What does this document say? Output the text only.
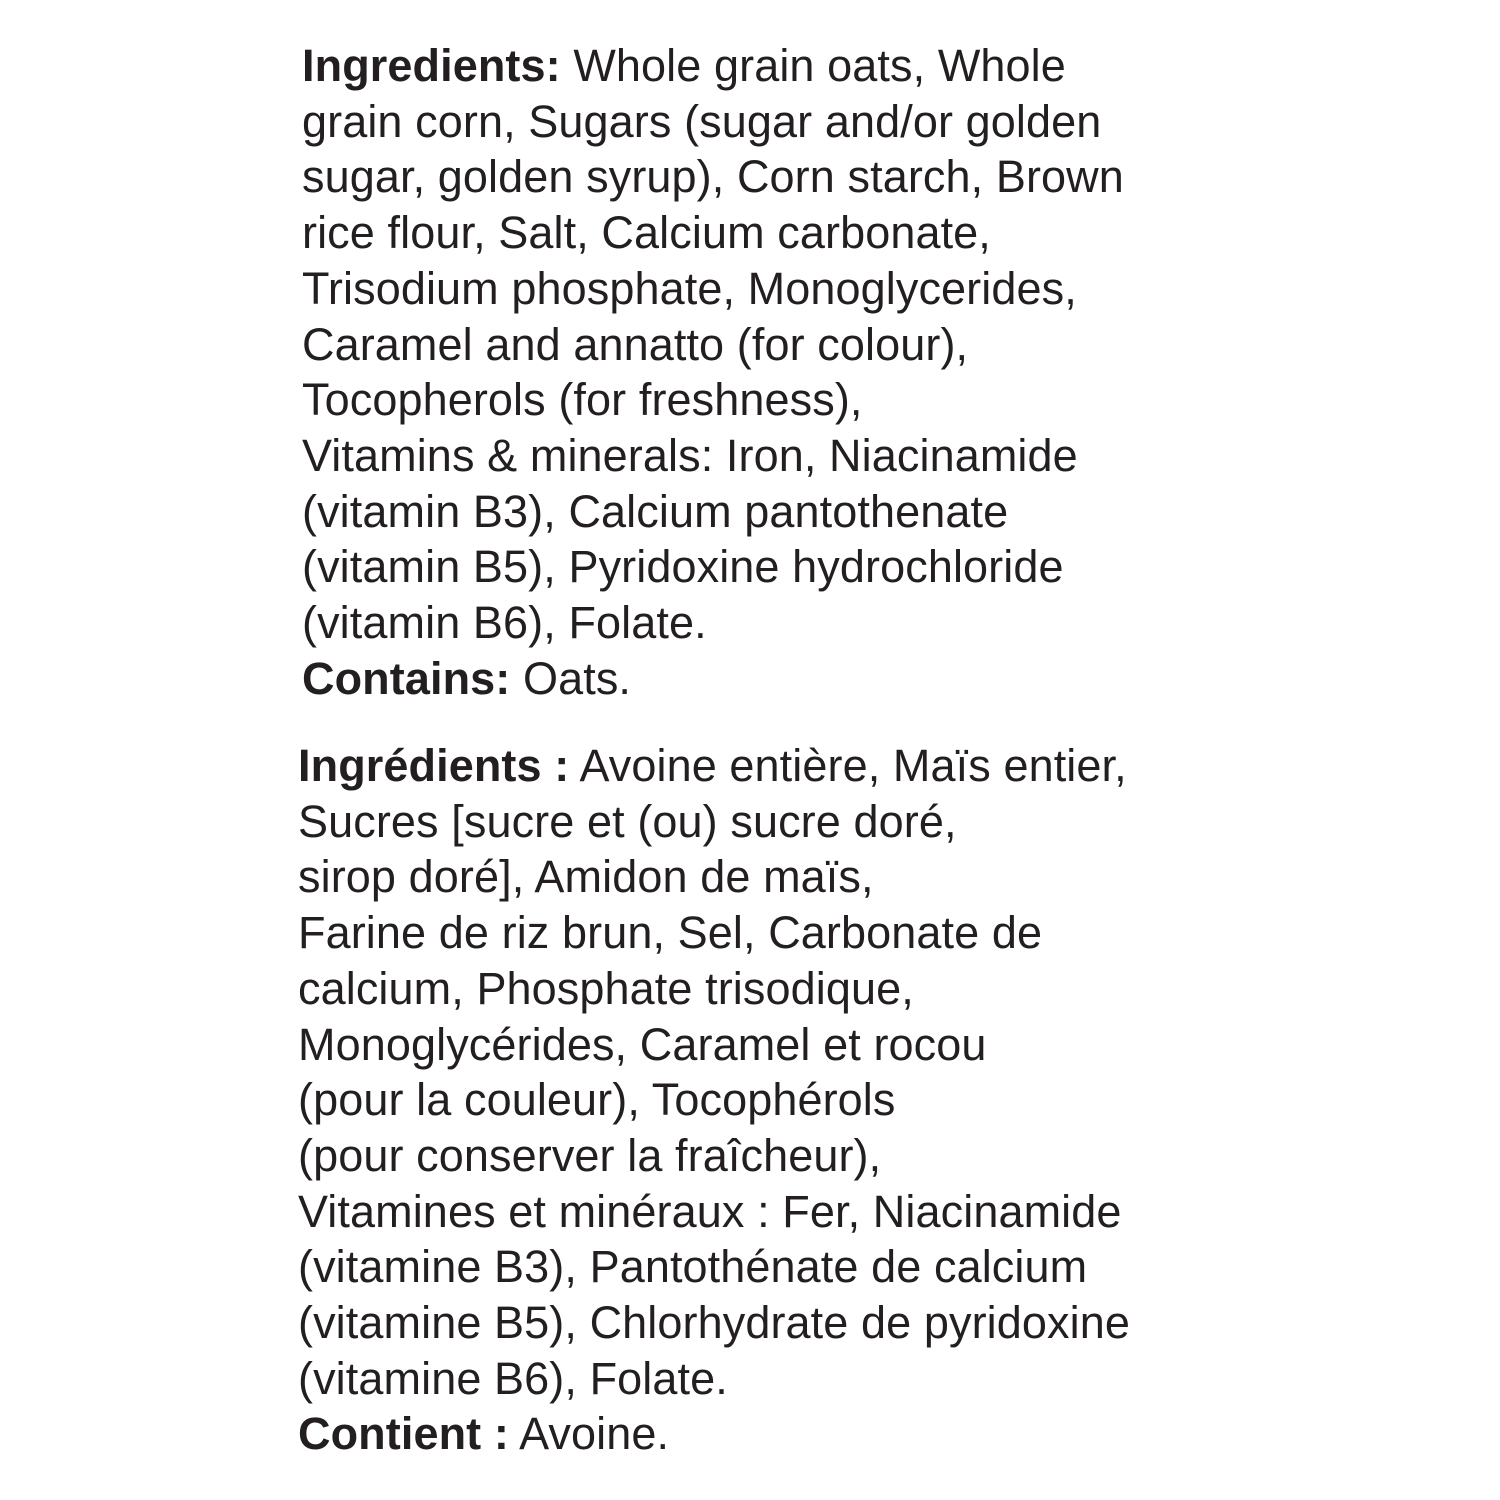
Ingredients: Whole grain oats, Whole
grain corn, Sugars (sugar and/or golden
sugar, golden syrup), Corn starch, Brown
rice flour, Salt, Calcium carbonate,
Trisodium phosphate, Monoglycerides,
Caramel and annatto (for colour),
Tocopherols (for freshness),
Vitamins & minerals: Iron, Niacinamide
(vitamin B3), Calcium pantothenate
(vitamin B5), Pyridoxine hydrochloride
(vitamin B6), Folate.
Contains: Oats.
Ingrédients : Avoine entière, Maïs entier,
Sucres [sucre et (ou) sucre doré,
sirop doré], Amidon de maïs,
Farine de riz brun, Sel, Carbonate de
calcium, Phosphate trisodique,
Monoglycérides, Caramel et rocou
(pour la couleur), Tocophérols
(pour conserver la fraîcheur),
Vitamines et minéraux : Fer, Niacinamide
(vitamine B3), Pantothénate de calcium
(vitamine B5), Chlorhydrate de pyridoxine
(vitamine B6), Folate.
Contient : Avoine.
